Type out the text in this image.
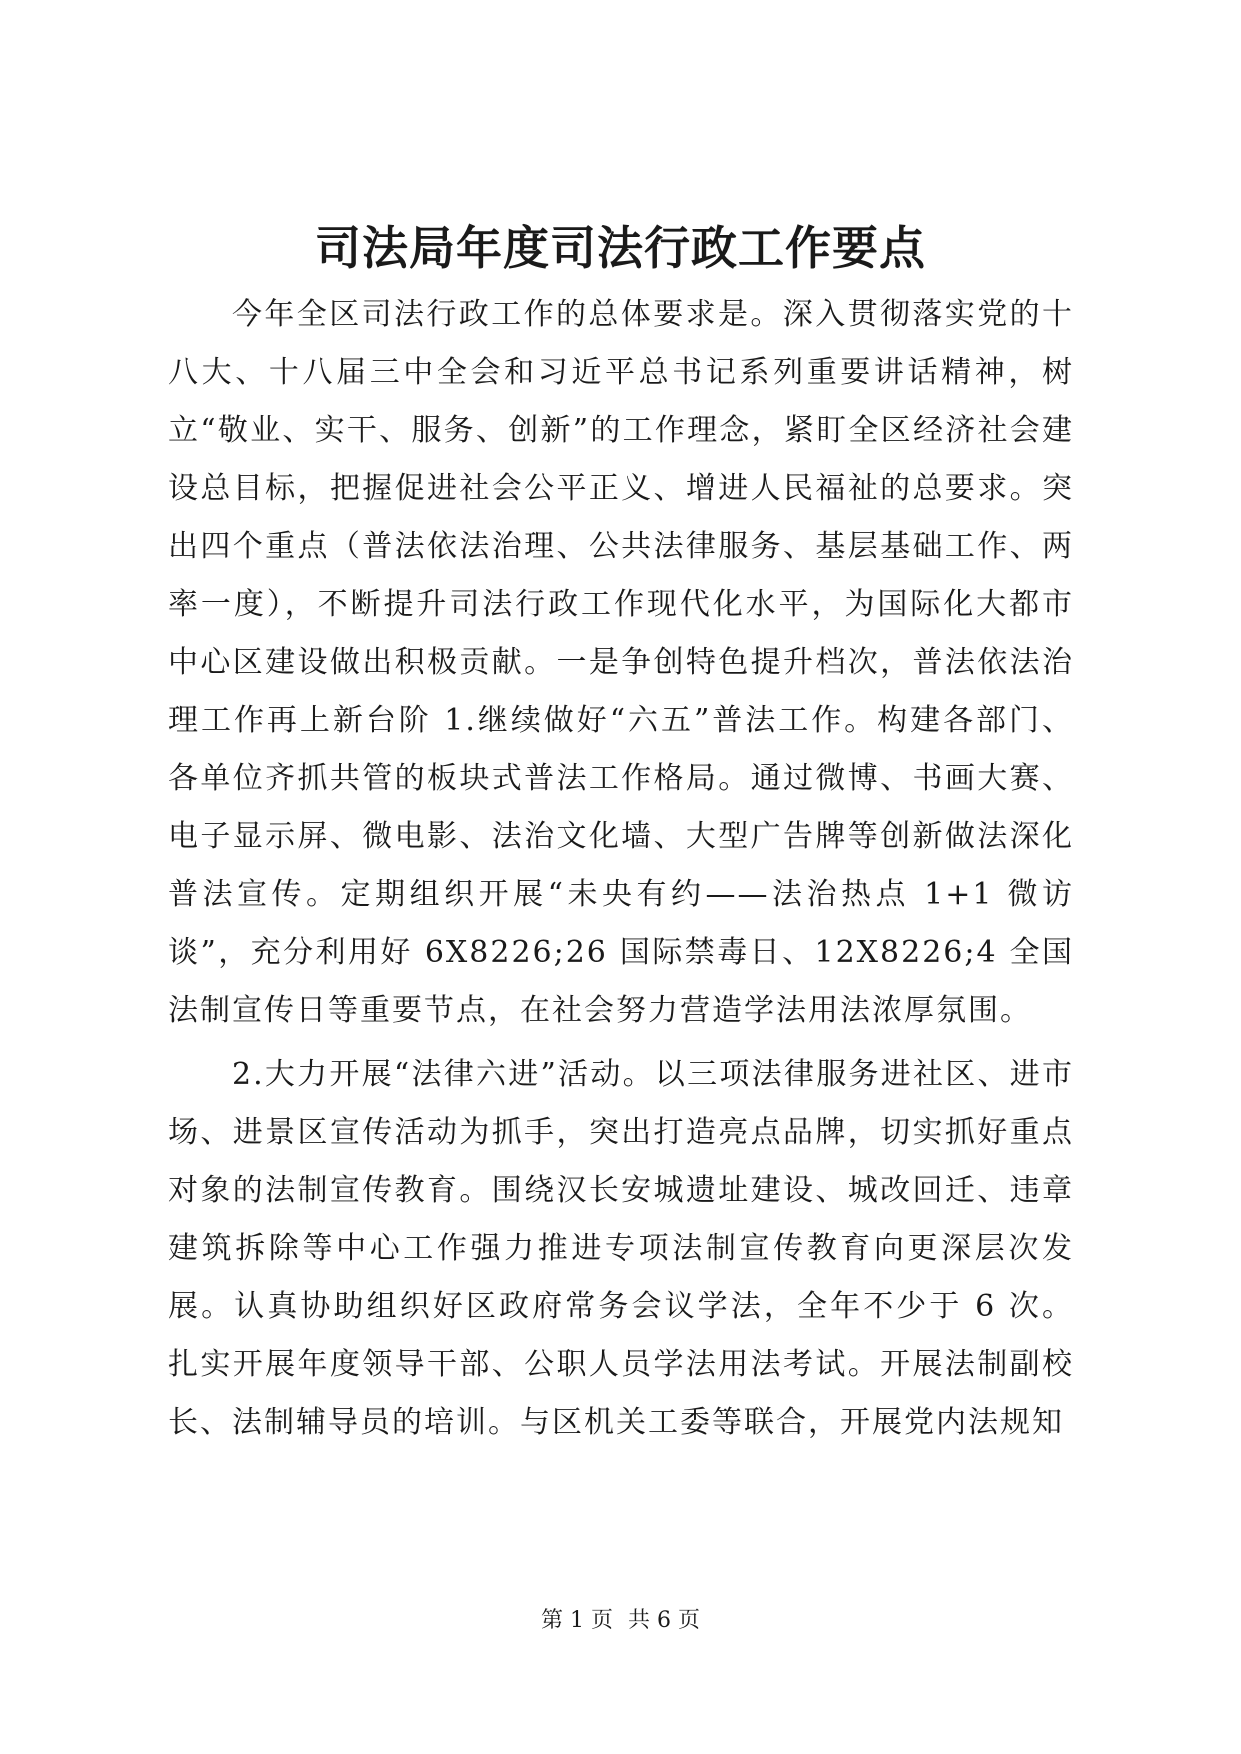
司法局年度司法行政工作要点

今年全区司法行政工作的总体要求是。深入贯彻落实党的十八大、十八届三中全会和习近平总书记系列重要讲话精神，树立“敬业、实干、服务、创新”的工作理念，紧盯全区经济社会建设总目标，把握促进社会公平正义、增进人民福祉的总要求。突出四个重点（普法依法治理、公共法律服务、基层基础工作、两率一度），不断提升司法行政工作现代化水平，为国际化大都市中心区建设做出积极贡献。一是争创特色提升档次，普法依法治理工作再上新台阶 1.继续做好“六五”普法工作。构建各部门、各单位齐抓共管的板块式普法工作格局。通过微博、书画大赛、电子显示屏、微电影、法治文化墙、大型广告牌等创新做法深化普法宣传。定期组织开展“未央有约——法治热点 1+1 微访谈”，充分利用好 6X8226;26 国际禁毒日、12X8226;4 全国法制宣传日等重要节点，在社会努力营造学法用法浓厚氛围。

2.大力开展“法律六进”活动。以三项法律服务进社区、进市场、进景区宣传活动为抓手，突出打造亮点品牌，切实抓好重点对象的法制宣传教育。围绕汉长安城遗址建设、城改回迁、违章建筑拆除等中心工作强力推进专项法制宣传教育向更深层次发展。认真协助组织好区政府常务会议学法，全年不少于 6 次。扎实开展年度领导干部、公职人员学法用法考试。开展法制副校长、法制辅导员的培训。与区机关工委等联合，开展党内法规知

第 1 页 共 6 页
